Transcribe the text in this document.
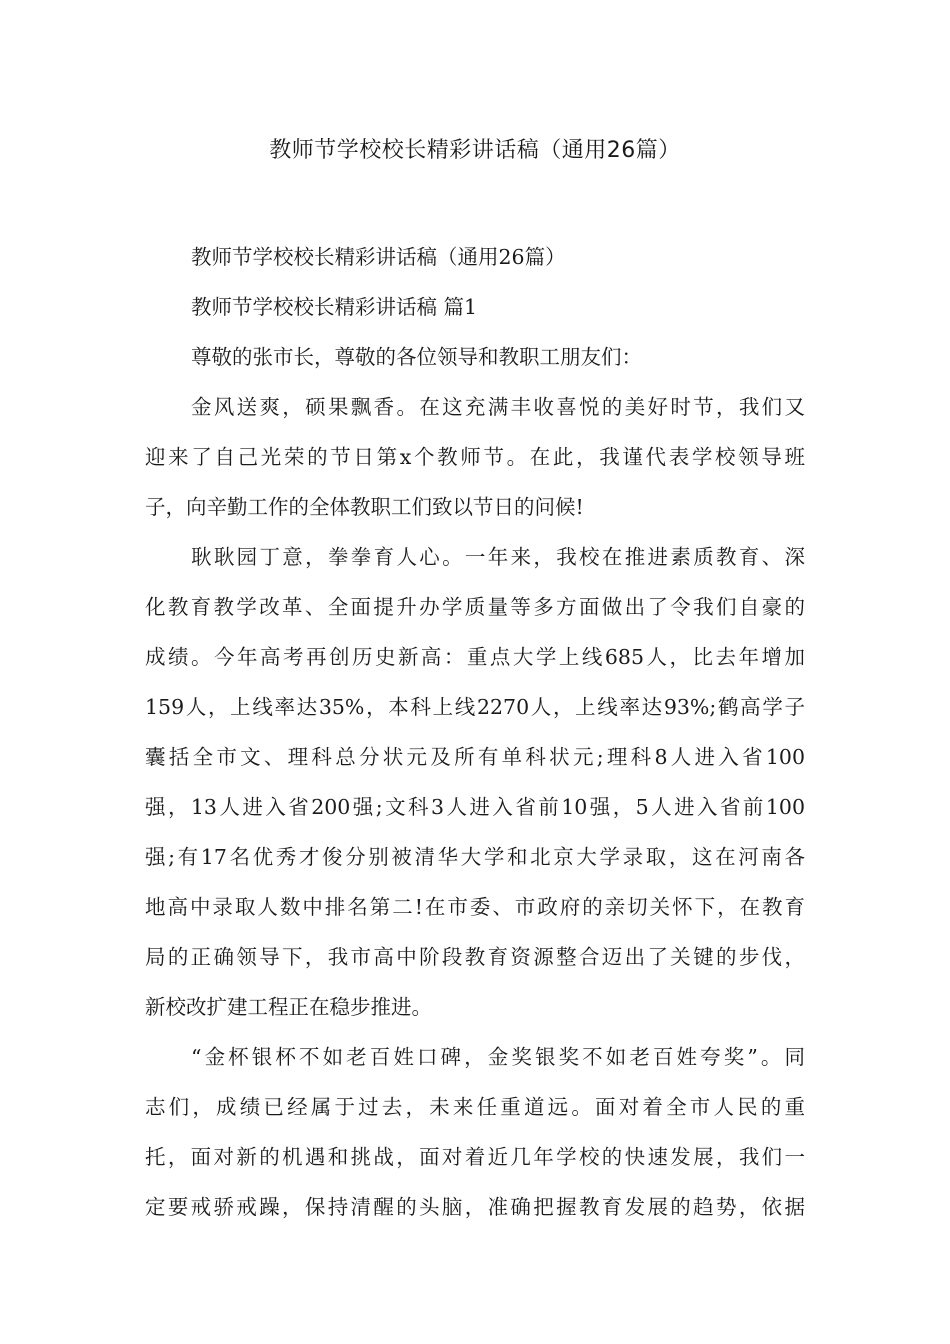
教师节学校校长精彩讲话稿（通用26篇）
教师节学校校长精彩讲话稿（通用26篇）
教师节学校校长精彩讲话稿 篇1
尊敬的张市长，尊敬的各位领导和教职工朋友们：
金风送爽，硕果飘香。在这充满丰收喜悦的美好时节，我们又
迎来了自己光荣的节日第x个教师节。在此，我谨代表学校领导班
子，向辛勤工作的全体教职工们致以节日的问候!
耿耿园丁意，拳拳育人心。一年来，我校在推进素质教育、深
化教育教学改革、全面提升办学质量等多方面做出了令我们自豪的
成绩。今年高考再创历史新高：重点大学上线685人，比去年增加
159人，上线率达35%，本科上线2270人，上线率达93%;鹤高学子
囊括全市文、理科总分状元及所有单科状元;理科8人进入省100
强，13人进入省200强;文科3人进入省前10强，5人进入省前100
强;有17名优秀才俊分别被清华大学和北京大学录取，这在河南各
地高中录取人数中排名第二!在市委、市政府的亲切关怀下，在教育
局的正确领导下，我市高中阶段教育资源整合迈出了关键的步伐，
新校改扩建工程正在稳步推进。
“金杯银杯不如老百姓口碑，金奖银奖不如老百姓夸奖”。同
志们，成绩已经属于过去，未来任重道远。面对着全市人民的重
托，面对新的机遇和挑战，面对着近几年学校的快速发展，我们一
定要戒骄戒躁，保持清醒的头脑，准确把握教育发展的趋势，依据
